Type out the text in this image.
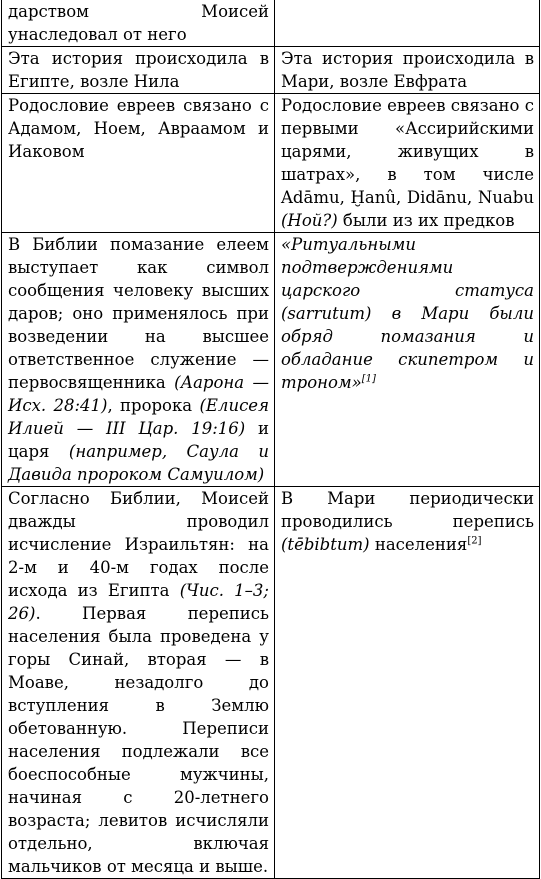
дарством Моисей унаследовал от него	
Эта история происходила в Египте, возле Нила	Эта история происходила в Мари, возле Евфрата
Родословие евреев связано с Адамом, Ноем, Авраамом и Иаковом	Родословие евреев связано с первыми «Ассирийскими царями, живущих в шатрах», в том числе Adāmu, Ḫanû, Didānu, Nuabu (Ной?) были из их предков
В Библии помазание елеем выступает как символ сообщения человеку высших даров; оно применялось при возведении на высшее ответственное служение — первосвященника (Аарона — Исх. 28:41), пророка (Елисея Илией — III Цар. 19:16) и царя (например, Саула и Давида пророком Самуилом)	«Ритуальными подтверждениями царского статуса (sarrutum) в Мари были обряд помазания и обладание скипетром и троном»[1]
Согласно Библии, Моисей дважды проводил исчисление Израильтян: на 2-м и 40-м годах после исхода из Египта (Чис. 1–3; 26). Первая перепись населения была проведена у горы Синай, вторая — в Моаве, незадолго до вступления в Землю обетованную. Переписи населения подлежали все боеспособные мужчины, начиная с 20-летнего возраста; левитов исчисляли отдельно, включая мальчиков от месяца и выше.	В Мари периодически проводились перепись (tēbibtum) населения[2]
